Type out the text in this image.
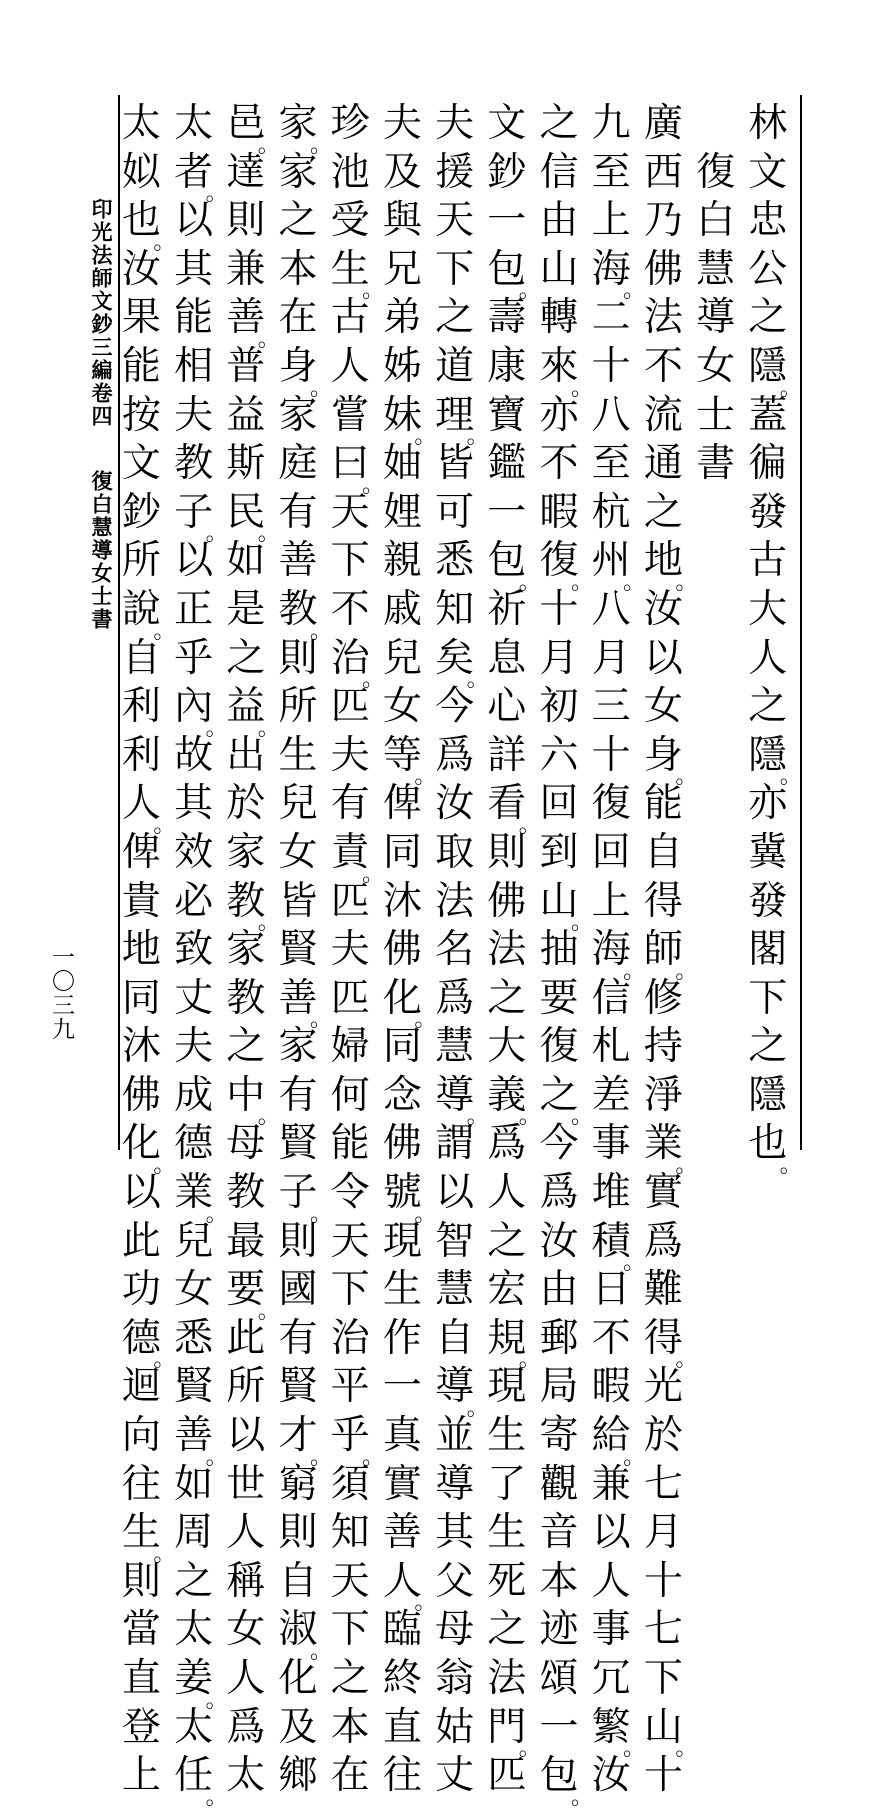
林
文
忠
公
之
隱
。
蓋
徧
發
古
大
人
之
隱
。
亦
冀
發
閣
下
之
隱
也
。

復
白
慧
導
女
士
書
廣
西
乃
佛
法
不
流
通
之
地
。
汝
以
女
身
。
能
自
得
師
。
修
持
淨
業
。
實
爲
難
得
。
光
於
七
月
十
七
下
山
。
十
九
至
上
海
。
二
十
八
至
杭
州
。
八
月
三
十
復
回
上
海
。
信
札
差
事
堆
積
。
日
不
暇
給
。
兼
以
人
事
冗
繁
。
汝
之
信
由
山
轉
來
。
亦
不
暇
復
。
十
月
初
六
回
到
山
。
抽
要
復
之
。
今
爲
汝
由
郵
局
寄
觀
音
本
迹
頌
一
包
。
文
鈔
一
包
。
壽
康
寶
鑑
一
包
。
祈
息
心
詳
看
。
則
佛
法
之
大
義
。
爲
人
之
宏
規
。
現
生
了
生
死
之
法
門
。
匹
夫
援
天
下
之
道
理
。
皆
可
悉
知
矣
。
今
爲
汝
取
法
名
爲
慧
導
。
謂
以
智
慧
自
導
。
並
導
其
父
母
翁
姑
丈
夫
及
與
兄
弟
姊
妹
。
妯
娌
親
戚
兒
女
等
。
俾
同
沐
佛
化
。
同
念
佛
號
。
現
生
作
一
真
實
善
人
。
臨
終
直
往
珍
池
受
生
。
古
人
嘗
曰
。
天
下
不
治
。
匹
夫
有
責
。
匹
夫
匹
婦
何
能
令
天
下
治
平
乎
。
須
知
天
下
之
本
在
家
。
家
之
本
在
身
。
家
庭
有
善
教
。
則
所
生
兒
女
皆
賢
善
。
家
有
賢
子
。
則
國
有
賢
才
。
窮
則
自
淑
。
化
及
鄉
邑
。
達
則
兼
善
。
普
益
斯
民
。
如
是
之
益
。
出
於
家
教
。
家
教
之
中
。
母
教
最
要
。
此
所
以
世
人
稱
女
人
爲
太
太
者
。
以
其
能
相
夫
教
子
。
以
正
乎
內
。
故
其
效
必
致
丈
夫
成
德
業
。
兒
女
悉
賢
善
。
如
周
之
太
姜
。
太
任
。
太
姒
也
。
汝
果
能
按
文
鈔
所
說
。
自
利
利
人
。
俾
貴
地
同
沐
佛
化
。
以
此
功
德
。
迴
向
往
生
。
則
當
直
登
上
印光法師文鈔三編卷四
復白慧導女士書
一〇三九
